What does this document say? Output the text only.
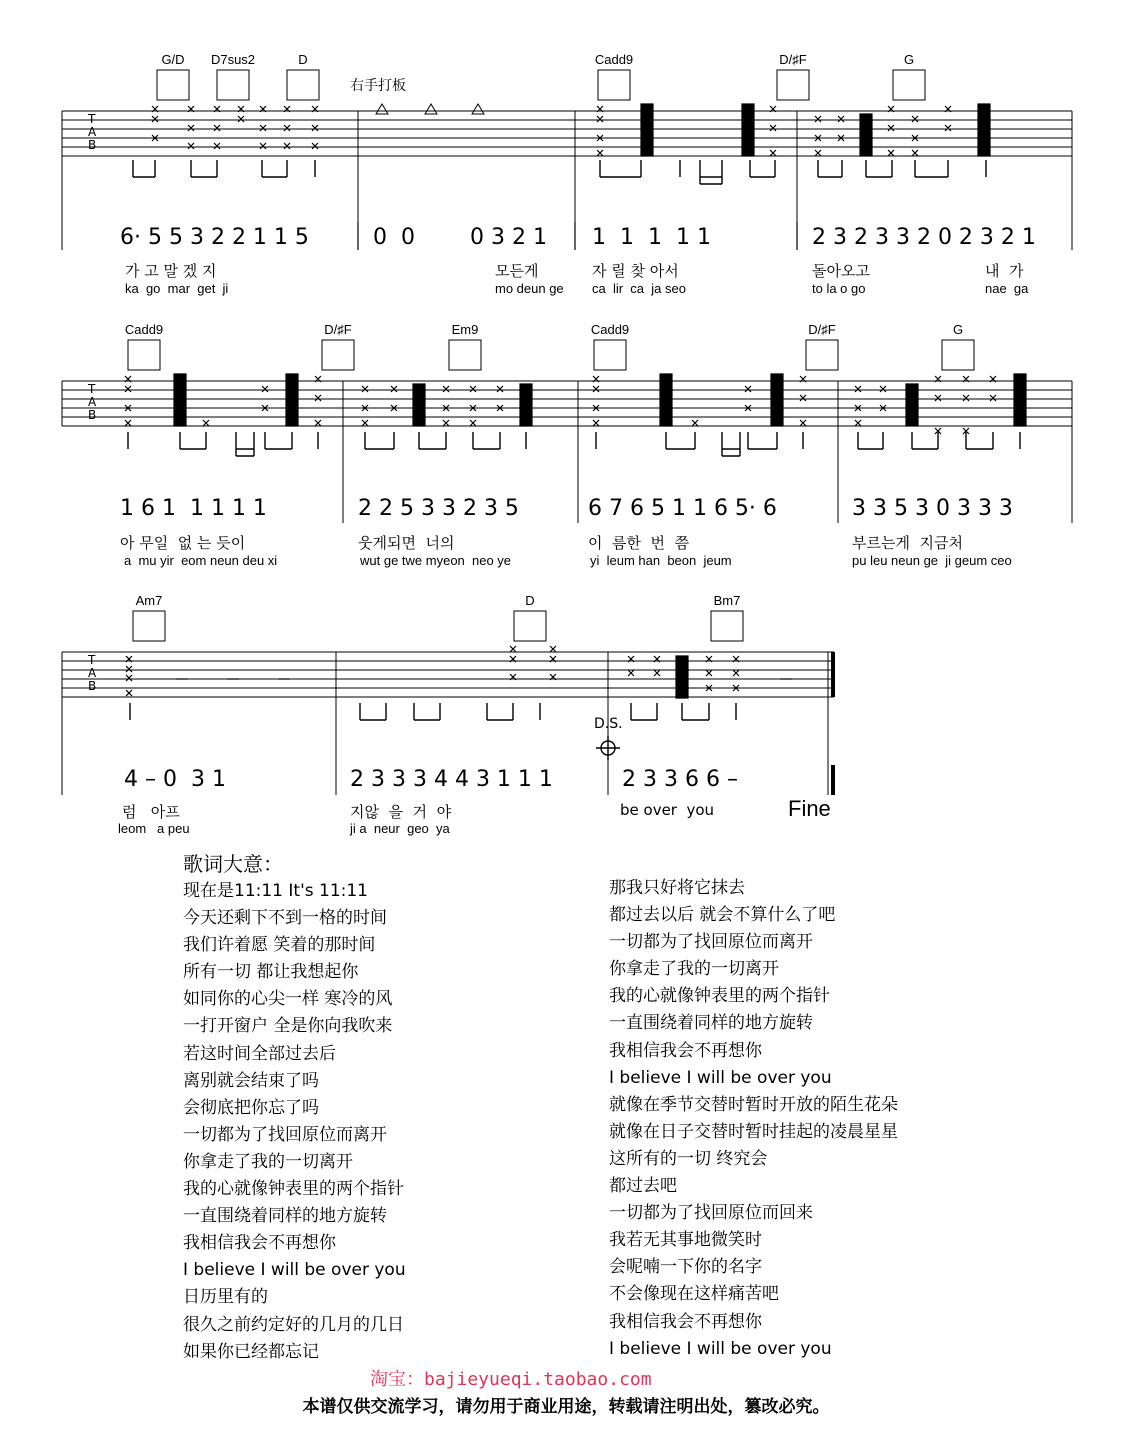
T
A
B
G/D	D7sus2	D	Cadd9	D/♯F	G
右手打板
6· 5 5 3 2 2 1 1 5	0  0	0 3 2 1 1  1  1  1 1	2 3 2 3 3 2 0 2 3 2 1
가 고 말 겠 지	모든게	자 릴 찾 아서	돌아오고	내  가
ka  go  mar  get  ji	mo deun ge ca  lir  ca  ja seo	to la o go	nae  ga
T
A
B
Cadd9	D/♯F	Em9	Cadd9	D/♯F	G
1 6 1  1 1 1 1	2 2 5 3 3 2 3 5	6 7 6 5 1 1 6 5· 6	3 3 5 3 0 3 3 3
아 무일  없 는 듯이	웃게되면  너의	이  름한  번  쯤	부르는게  지금처
a  mu yir  eom neun deu xi	wut ge twe myeon  neo ye	yi  leum han  beon  jeum	pu leu neun ge  ji geum ceo
T
A
B
Am7	D	Bm7
D.S.
4 – 0  3 1	2 3 3 3 4 4 3 1 1 1	2 3 3 6 6 –
Fine
럼   아프	지않  을  거  야	be over  you
leom   a peu	ji a  neur  geo  ya
歌词大意：
现在是11:11 It's 11:11
今天还剩下不到一格的时间
我们许着愿 笑着的那时间
所有一切 都让我想起你
如同你的心尖一样 寒冷的风
一打开窗户 全是你向我吹来
若这时间全部过去后
离别就会结束了吗
会彻底把你忘了吗
一切都为了找回原位而离开
你拿走了我的一切离开
我的心就像钟表里的两个指针
一直围绕着同样的地方旋转
我相信我会不再想你
I believe I will be over you
日历里有的
很久之前约定好的几月的几日
如果你已经都忘记
那我只好将它抹去
都过去以后 就会不算什么了吧
一切都为了找回原位而离开
你拿走了我的一切离开
我的心就像钟表里的两个指针
一直围绕着同样的地方旋转
我相信我会不再想你
I believe I will be over you
就像在季节交替时暂时开放的陌生花朵
就像在日子交替时暂时挂起的凌晨星星
这所有的一切 终究会
都过去吧
一切都为了找回原位而回来
我若无其事地微笑时
会呢喃一下你的名字
不会像现在这样痛苦吧
我相信我会不再想你
I believe I will be over you
淘宝：bajieyueqi.taobao.com
本谱仅供交流学习，请勿用于商业用途，转载请注明出处，篡改必究。
